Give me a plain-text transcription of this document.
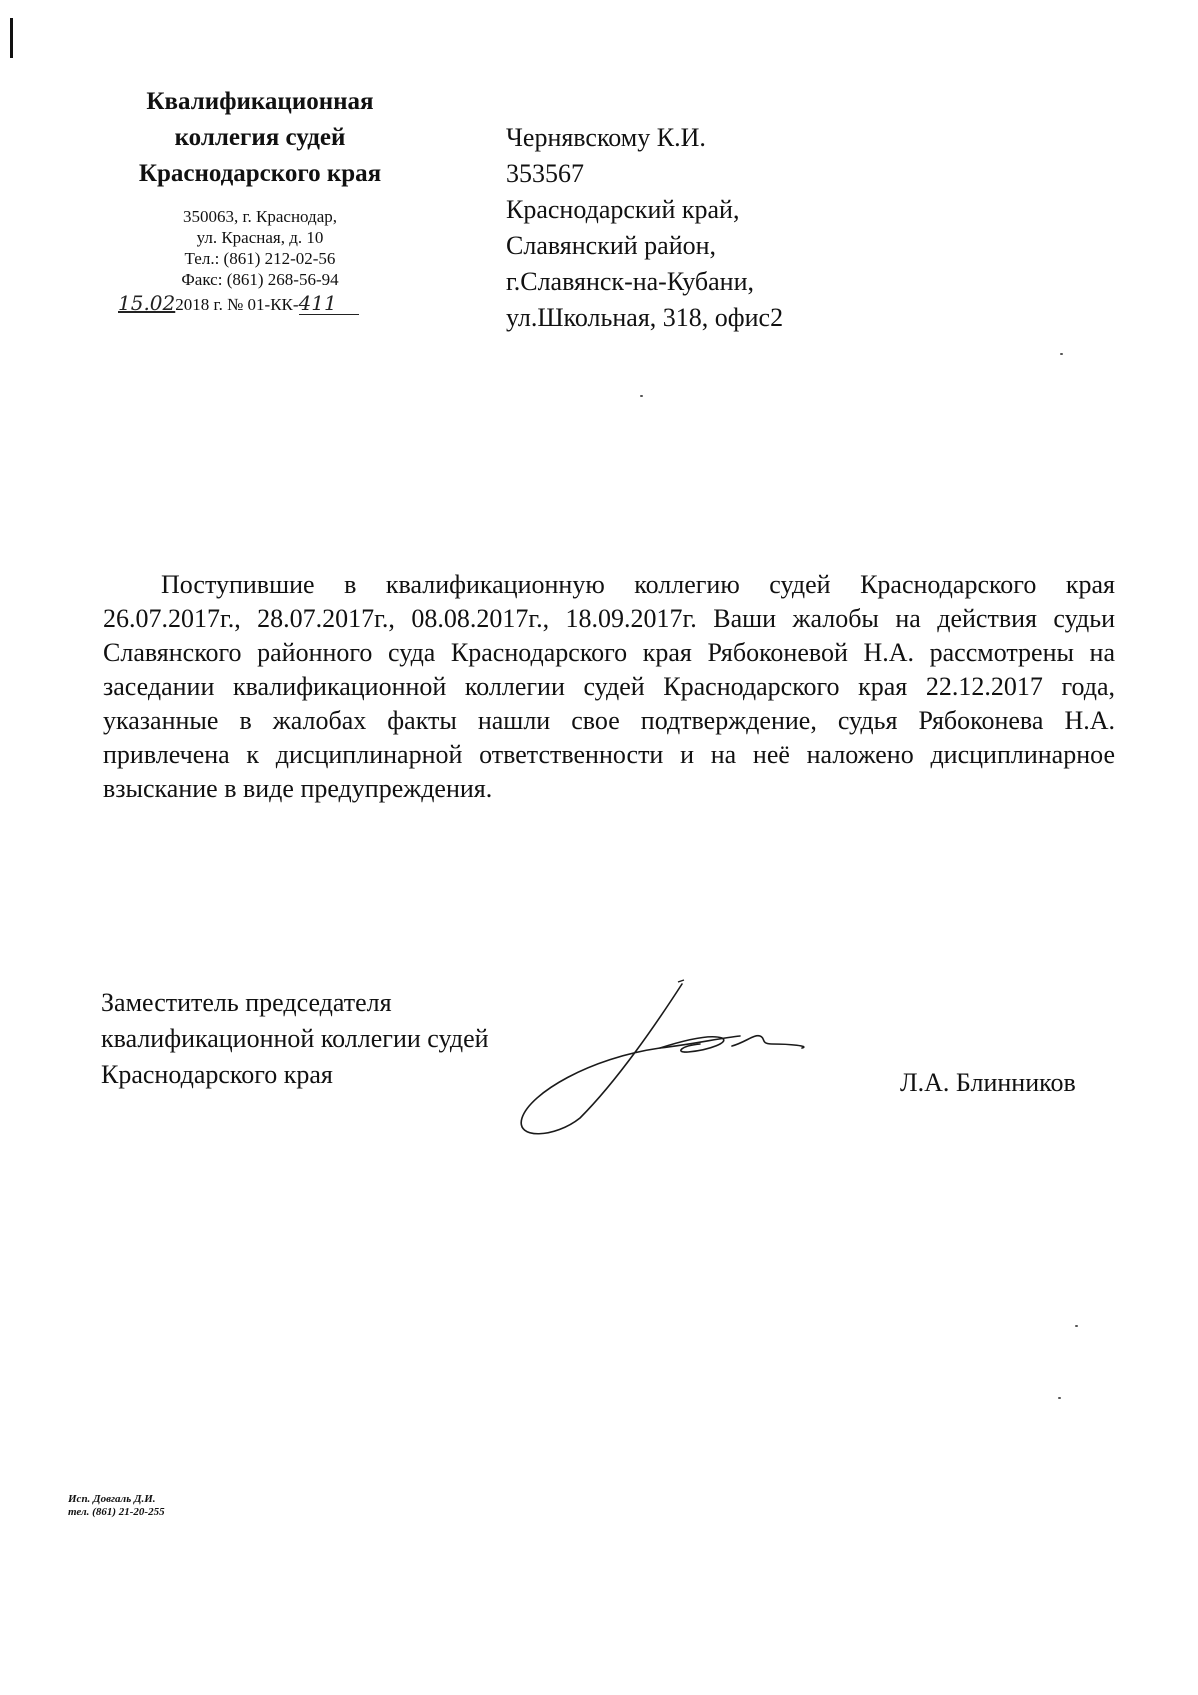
Квалификационная
коллегия судей
Краснодарского края
350063, г. Краснодар,
ул. Красная, д. 10
Тел.: (861) 212-02-56
Факс: (861) 268-56-94
15.022018 г. № 01-КК-411
Чернявскому К.И.
353567
Краснодарский край,
Славянский район,
г.Славянск-на-Кубани,
ул.Школьная, 318, офис2

Поступившие в квалификационную коллегию судей Краснодарского края 26.07.2017г., 28.07.2017г., 08.08.2017г., 18.09.2017г. Ваши жалобы на действия судьи Славянского районного суда Краснодарского края Рябоконевой Н.А. рассмотрены на заседании квалификационной коллегии судей Краснодарского края 22.12.2017 года, указанные в жалобах факты нашли свое подтверждение, судья Рябоконева Н.А. привлечена к дисциплинарной ответственности и на неё наложено дисциплинарное взыскание в виде предупреждения.

Заместитель председателя
квалификационной коллегии судей
Краснодарского края	Л.А. Блинников
Исп. Довгаль Д.И.
тел. (861) 21-20-255
